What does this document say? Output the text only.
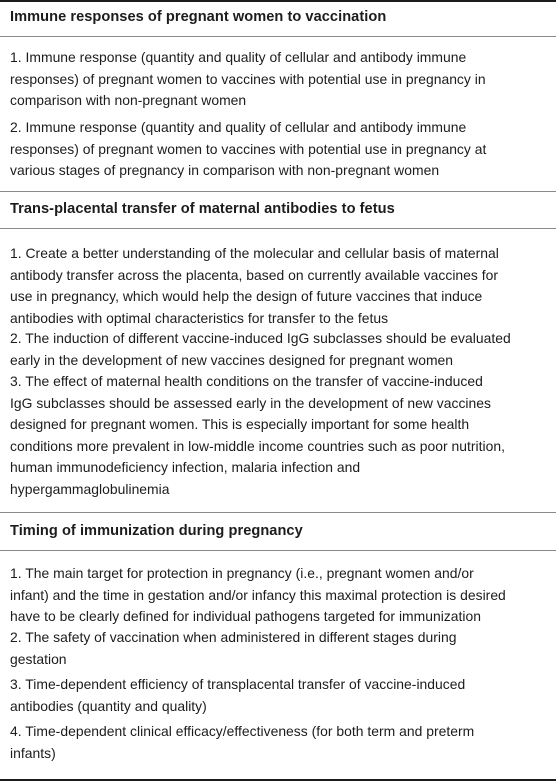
Immune responses of pregnant women to vaccination
1. Immune response (quantity and quality of cellular and antibody immune
responses) of pregnant women to vaccines with potential use in pregnancy in
comparison with non-pregnant women
2. Immune response (quantity and quality of cellular and antibody immune
responses) of pregnant women to vaccines with potential use in pregnancy at
various stages of pregnancy in comparison with non-pregnant women
Trans-placental transfer of maternal antibodies to fetus
1. Create a better understanding of the molecular and cellular basis of maternal
antibody transfer across the placenta, based on currently available vaccines for
use in pregnancy, which would help the design of future vaccines that induce
antibodies with optimal characteristics for transfer to the fetus
2. The induction of different vaccine-induced IgG subclasses should be evaluated
early in the development of new vaccines designed for pregnant women
3. The effect of maternal health conditions on the transfer of vaccine-induced
IgG subclasses should be assessed early in the development of new vaccines
designed for pregnant women. This is especially important for some health
conditions more prevalent in low-middle income countries such as poor nutrition,
human immunodeficiency infection, malaria infection and
hypergammaglobulinemia
Timing of immunization during pregnancy
1. The main target for protection in pregnancy (i.e., pregnant women and/or
infant) and the time in gestation and/or infancy this maximal protection is desired
have to be clearly defined for individual pathogens targeted for immunization
2. The safety of vaccination when administered in different stages during
gestation
3. Time-dependent efficiency of transplacental transfer of vaccine-induced
antibodies (quantity and quality)
4. Time-dependent clinical efficacy/effectiveness (for both term and preterm
infants)
